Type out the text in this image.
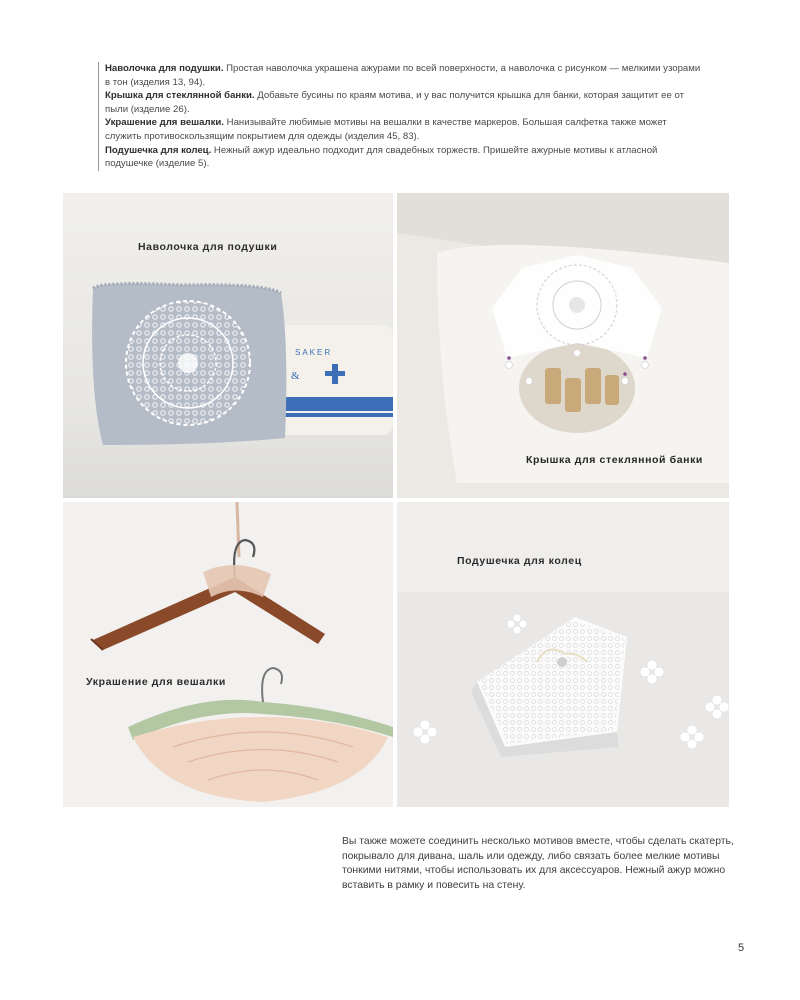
Наволочка для подушки. Простая наволочка украшена ажурами по всей поверхности, а наволочка с рисунком — мелкими узорами в тон (изделия 13, 94).

Крышка для стеклянной банки. Добавьте бусины по краям мотива, и у вас получится крышка для банки, которая защитит ее от пыли (изделие 26).

Украшение для вешалки. Нанизывайте любимые мотивы на вешалки в качестве маркеров. Большая салфетка также может служить противоскользящим покрытием для одежды (изделия 45, 83).

Подушечка для колец. Нежный ажур идеально подходит для свадебных торжеств. Пришейте ажурные мотивы к атласной подушечке (изделие 5).

SAKER
&
Наволочка для подушки
Крышка для стеклянной банки
Украшение для вешалки
Подушечка для колец
Вы также можете соединить несколько мотивов вместе, чтобы сделать скатерть, покрывало для дивана, шаль или одежду, либо связать более мелкие мотивы тонкими нитями, чтобы использовать их для аксессуаров. Нежный ажур можно вставить в рамку и повесить на стену.
5
